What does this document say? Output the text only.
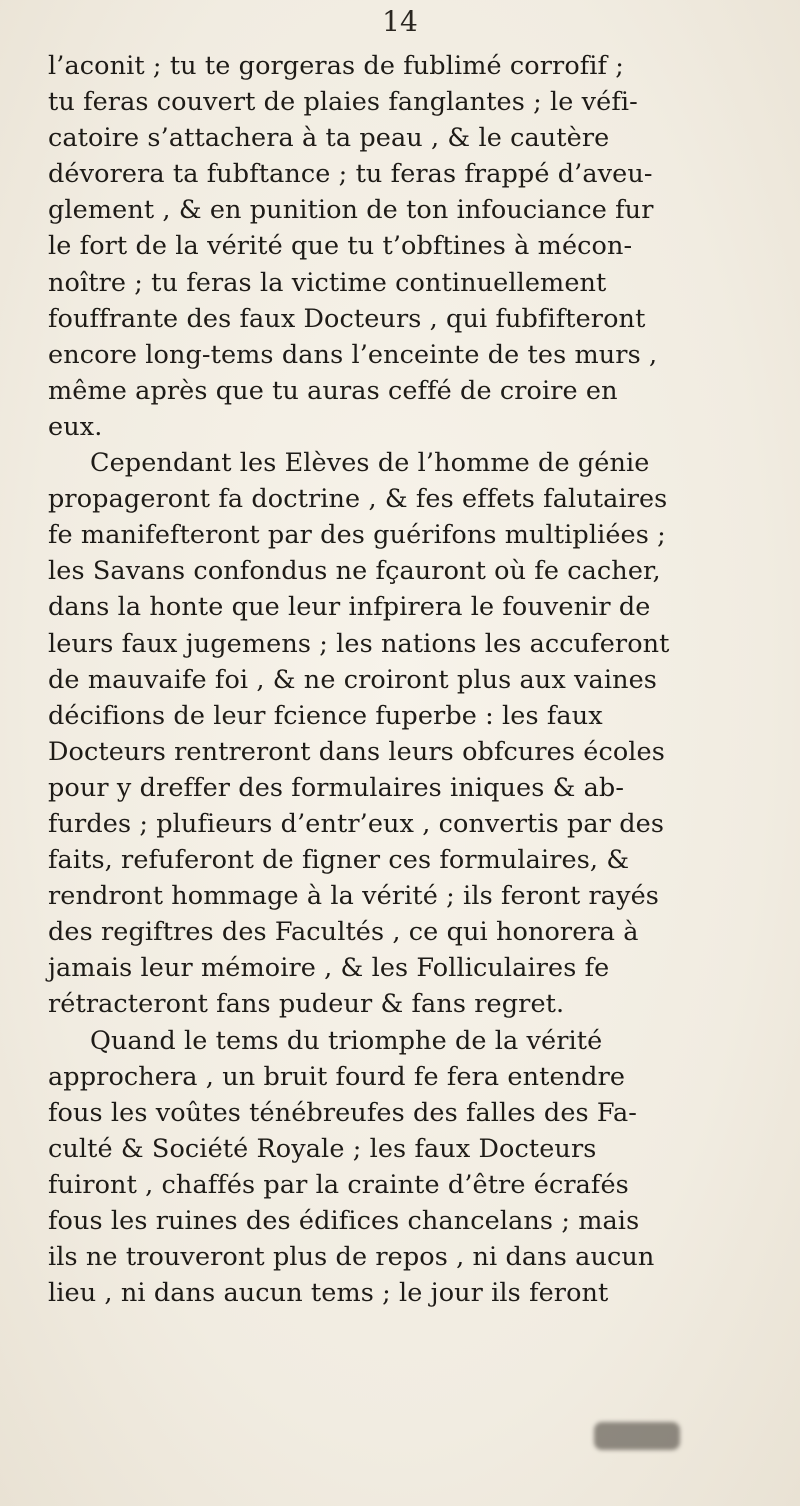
14
l’aconit ; tu te gorgeras de fublimé corrofif ;
tu feras couvert de plaies fanglantes ; le véfi-
catoire s’attachera à ta peau , & le cautère
dévorera ta fubftance ; tu feras frappé d’aveu-
glement , & en punition de ton infouciance fur
le fort de la vérité que tu t’obftines à mécon-
noître ; tu feras la victime continuellement
fouffrante des faux Docteurs , qui fubfifteront
encore long-tems dans l’enceinte de tes murs ,
même après que tu auras ceffé de croire en
eux.
Cependant les Elèves de l’homme de génie
propageront fa doctrine , & fes effets falutaires
fe manifefteront par des guérifons multipliées ;
les Savans confondus ne fçauront où fe cacher,
dans la honte que leur infpirera le fouvenir de
leurs faux jugemens ; les nations les accuferont
de mauvaife foi , & ne croiront plus aux vaines
décifions de leur fcience fuperbe : les faux
Docteurs rentreront dans leurs obfcures écoles
pour y dreffer des formulaires iniques & ab-
furdes ; plufieurs d’entr’eux , convertis par des
faits, refuferont de figner ces formulaires, &
rendront hommage à la vérité ; ils feront rayés
des regiftres des Facultés , ce qui honorera à
jamais leur mémoire , & les Folliculaires fe
rétracteront fans pudeur & fans regret.
Quand le tems du triomphe de la vérité
approchera , un bruit fourd fe fera entendre
fous les voûtes ténébreufes des falles des Fa-
culté & Société Royale ; les faux Docteurs
fuiront , chaffés par la crainte d’être écrafés
fous les ruines des édifices chancelans ; mais
ils ne trouveront plus de repos , ni dans aucun
lieu , ni dans aucun tems ; le jour ils feront
